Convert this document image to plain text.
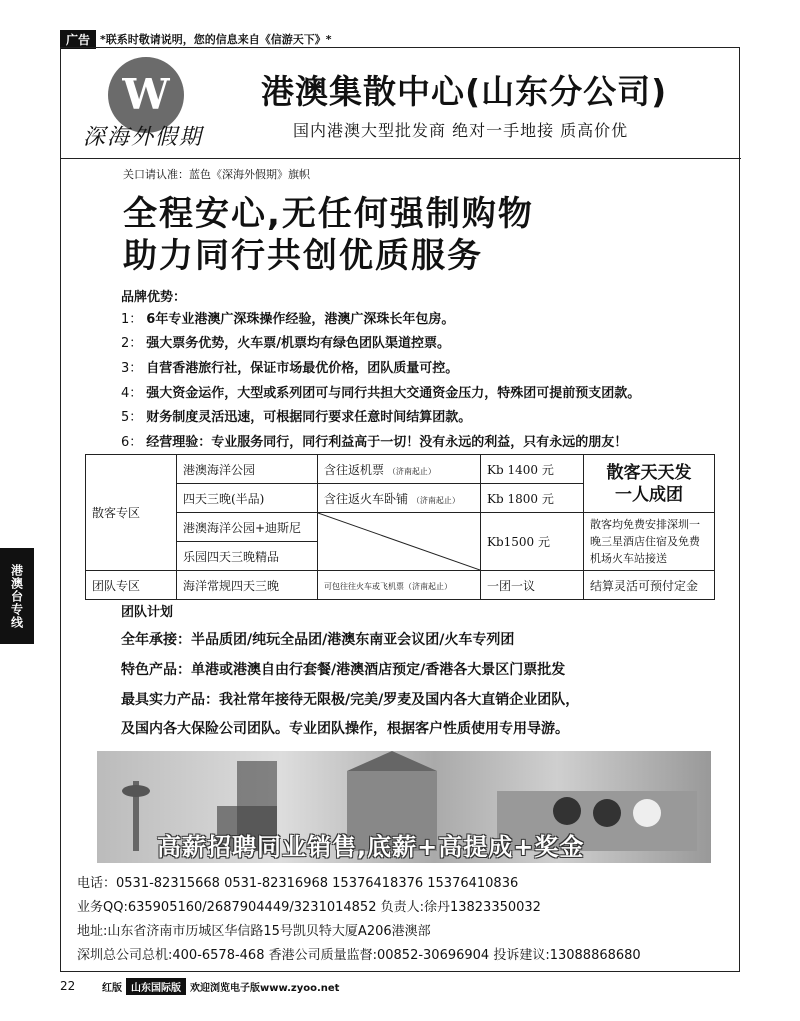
广告 *联系时敬请说明，您的信息来自《信游天下》*
W
深海外假期
港澳集散中心(山东分公司)
国内港澳大型批发商 绝对一手地接 质高价优
关口请认准：蓝色《深海外假期》旗帜
全程安心,无任何强制购物
助力同行共创优质服务
品牌优势：
1： 6年专业港澳广深珠操作经验，港澳广深珠长年包房。
2： 强大票务优势，火车票/机票均有绿色团队渠道控票。
3： 自营香港旅行社，保证市场最优价格，团队质量可控。
4： 强大资金运作，大型或系列团可与同行共担大交通资金压力，特殊团可提前预支团款。
5： 财务制度灵活迅速，可根据同行要求任意时间结算团款。
6： 经营理验：专业服务同行，同行利益高于一切！没有永远的利益，只有永远的朋友！
散客专区	港澳海洋公园	含往返机票 （济南起止）	Kb 1400 元	散客天天发
一人成团

	四天三晚(半品)	含往返火车卧铺 （济南起止）	Kb 1800 元	
	港澳海洋公园+迪斯尼		Kb1500 元	散客均免费安排深圳一晚三星酒店住宿及免费机场火车站接送
	乐园四天三晚精品			
团队专区	海洋常规四天三晚	可包往往火车或飞机票（济南起止）	一团一议	结算灵活可预付定金
团队计划
全年承接：半品质团/纯玩全品团/港澳东南亚会议团/火车专列团
特色产品：单港或港澳自由行套餐/港澳酒店预定/香港各大景区门票批发
最具实力产品：我社常年接待无限极/完美/罗麦及国内各大直销企业团队，
及国内各大保险公司团队。专业团队操作，根据客户性质使用专用导游。
高薪招聘同业销售,底薪+高提成+奖金
电话：0531-82315668 0531-82316968 15376418376 15376410836
业务QQ:635905160/2687904449/3231014852 负责人:徐丹13823350032
地址:山东省济南市历城区华信路15号凯贝特大厦A206港澳部
深圳总公司总机:400-6578-468 香港公司质量监督:00852-30696904 投诉建议:13088868680
港澳台专线
22	红版 山东国际版 欢迎浏览电子版www.zyoo.net
